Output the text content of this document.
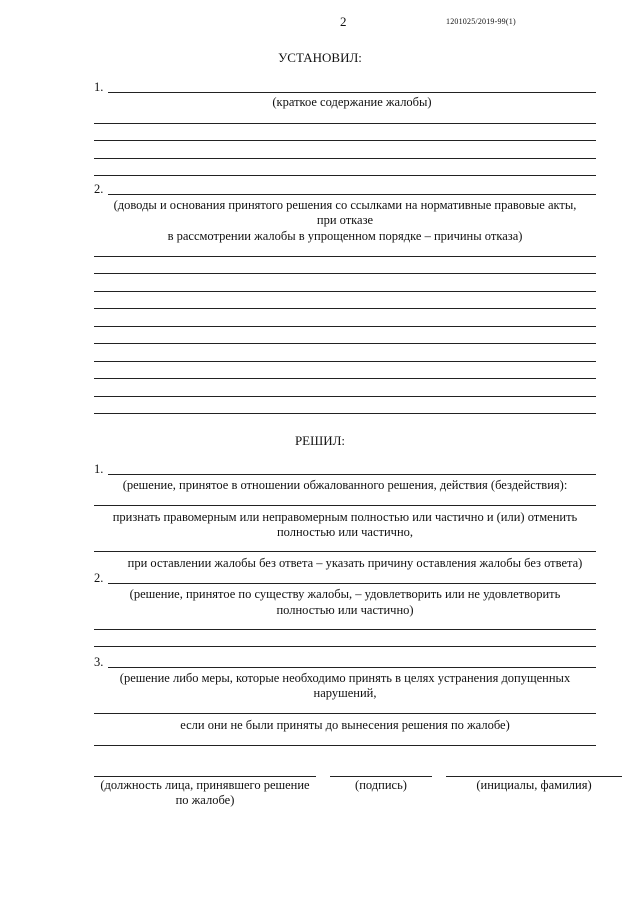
2	1201025/2019-99(1)
УСТАНОВИЛ:
1.
(краткое содержание жалобы)
2.
(доводы и основания принятого решения со ссылками на нормативные правовые акты,
при отказе
в рассмотрении жалобы в упрощенном порядке – причины отказа)
РЕШИЛ:
1.
(решение, принятое в отношении обжалованного решения, действия (бездействия):
признать правомерным или неправомерным полностью или частично и (или) отменить
полностью или частично,
при оставлении жалобы без ответа – указать причину оставления жалобы без ответа)
2.
(решение, принятое по существу жалобы, – удовлетворить или не удовлетворить
полностью или частично)
3.
(решение либо меры, которые необходимо принять в целях устранения допущенных
нарушений,
если они не были приняты до вынесения решения по жалобе)
(должность лица, принявшего решение
по жалобе)
(подпись)	(инициалы, фамилия)
